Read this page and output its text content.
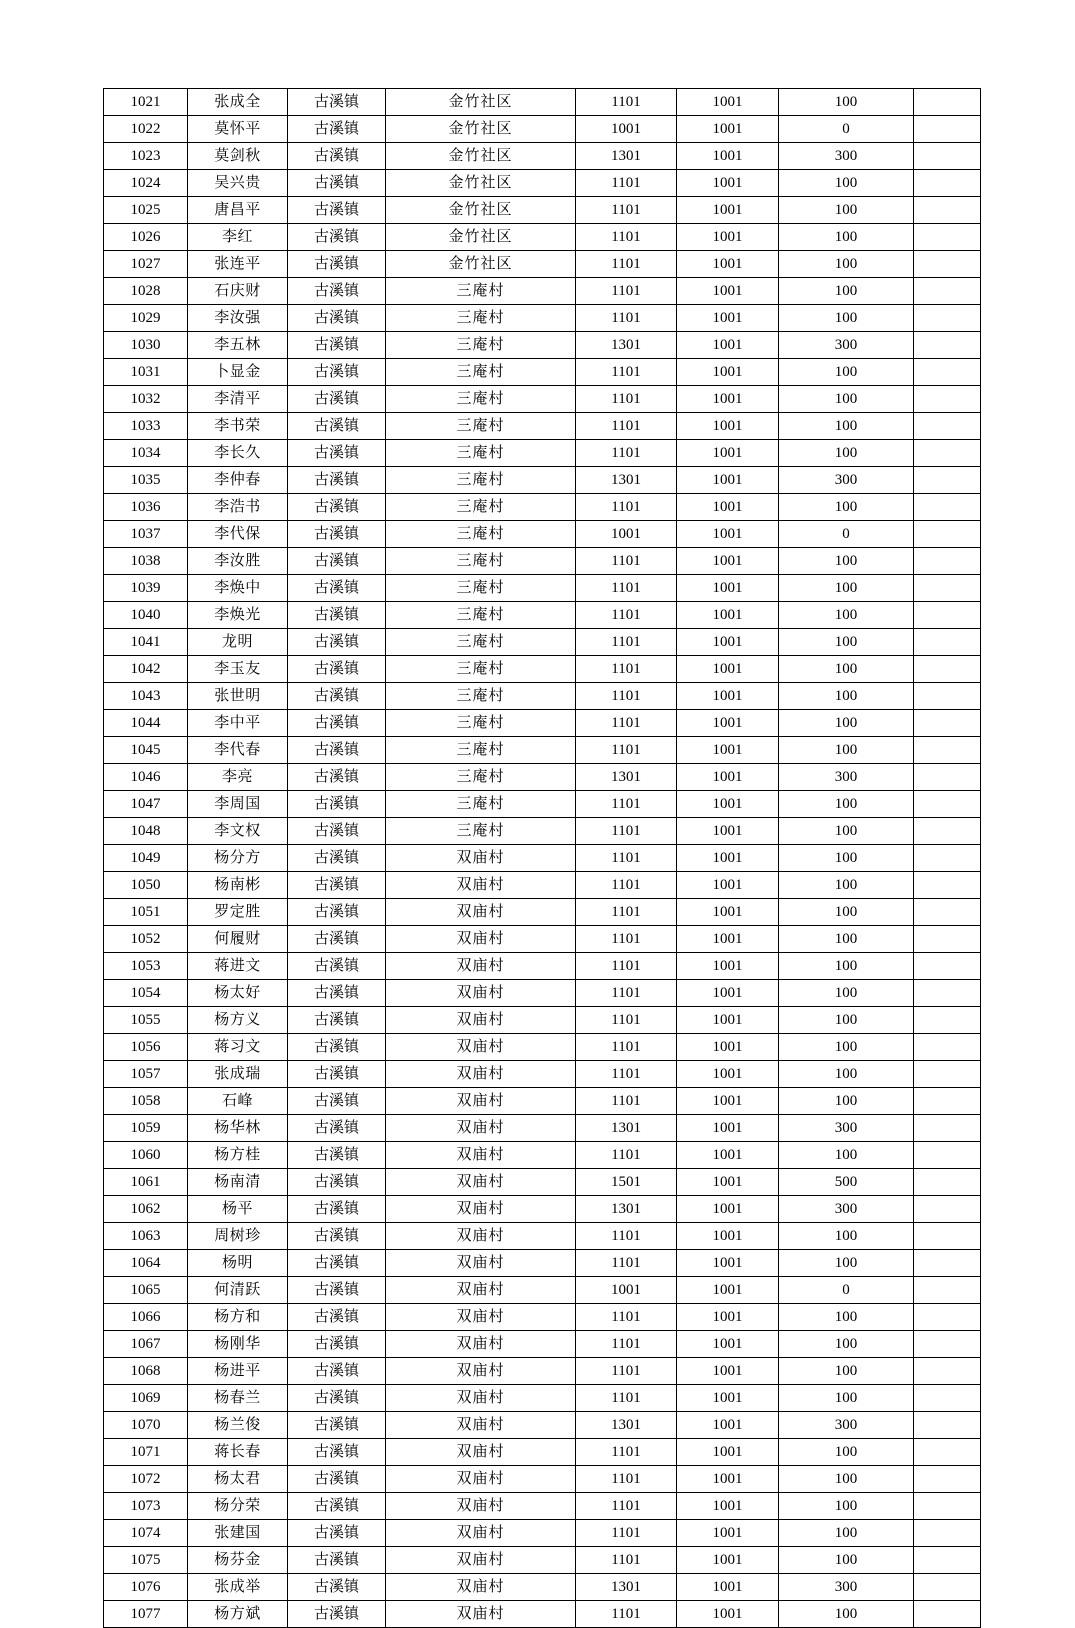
1021	张成全	古溪镇	金竹社区	1101	1001	100	
1022	莫怀平	古溪镇	金竹社区	1001	1001	0	
1023	莫剑秋	古溪镇	金竹社区	1301	1001	300	
1024	吴兴贵	古溪镇	金竹社区	1101	1001	100	
1025	唐昌平	古溪镇	金竹社区	1101	1001	100	
1026	李红	古溪镇	金竹社区	1101	1001	100	
1027	张连平	古溪镇	金竹社区	1101	1001	100	
1028	石庆财	古溪镇	三庵村	1101	1001	100	
1029	李汝强	古溪镇	三庵村	1101	1001	100	
1030	李五林	古溪镇	三庵村	1301	1001	300	
1031	卜显金	古溪镇	三庵村	1101	1001	100	
1032	李清平	古溪镇	三庵村	1101	1001	100	
1033	李书荣	古溪镇	三庵村	1101	1001	100	
1034	李长久	古溪镇	三庵村	1101	1001	100	
1035	李仲春	古溪镇	三庵村	1301	1001	300	
1036	李浩书	古溪镇	三庵村	1101	1001	100	
1037	李代保	古溪镇	三庵村	1001	1001	0	
1038	李汝胜	古溪镇	三庵村	1101	1001	100	
1039	李焕中	古溪镇	三庵村	1101	1001	100	
1040	李焕光	古溪镇	三庵村	1101	1001	100	
1041	龙明	古溪镇	三庵村	1101	1001	100	
1042	李玉友	古溪镇	三庵村	1101	1001	100	
1043	张世明	古溪镇	三庵村	1101	1001	100	
1044	李中平	古溪镇	三庵村	1101	1001	100	
1045	李代春	古溪镇	三庵村	1101	1001	100	
1046	李亮	古溪镇	三庵村	1301	1001	300	
1047	李周国	古溪镇	三庵村	1101	1001	100	
1048	李文权	古溪镇	三庵村	1101	1001	100	
1049	杨分方	古溪镇	双庙村	1101	1001	100	
1050	杨南彬	古溪镇	双庙村	1101	1001	100	
1051	罗定胜	古溪镇	双庙村	1101	1001	100	
1052	何履财	古溪镇	双庙村	1101	1001	100	
1053	蒋进文	古溪镇	双庙村	1101	1001	100	
1054	杨太好	古溪镇	双庙村	1101	1001	100	
1055	杨方义	古溪镇	双庙村	1101	1001	100	
1056	蒋习文	古溪镇	双庙村	1101	1001	100	
1057	张成瑞	古溪镇	双庙村	1101	1001	100	
1058	石峰	古溪镇	双庙村	1101	1001	100	
1059	杨华林	古溪镇	双庙村	1301	1001	300	
1060	杨方桂	古溪镇	双庙村	1101	1001	100	
1061	杨南清	古溪镇	双庙村	1501	1001	500	
1062	杨平	古溪镇	双庙村	1301	1001	300	
1063	周树珍	古溪镇	双庙村	1101	1001	100	
1064	杨明	古溪镇	双庙村	1101	1001	100	
1065	何清跃	古溪镇	双庙村	1001	1001	0	
1066	杨方和	古溪镇	双庙村	1101	1001	100	
1067	杨刚华	古溪镇	双庙村	1101	1001	100	
1068	杨进平	古溪镇	双庙村	1101	1001	100	
1069	杨春兰	古溪镇	双庙村	1101	1001	100	
1070	杨兰俊	古溪镇	双庙村	1301	1001	300	
1071	蒋长春	古溪镇	双庙村	1101	1001	100	
1072	杨太君	古溪镇	双庙村	1101	1001	100	
1073	杨分荣	古溪镇	双庙村	1101	1001	100	
1074	张建国	古溪镇	双庙村	1101	1001	100	
1075	杨芬金	古溪镇	双庙村	1101	1001	100	
1076	张成举	古溪镇	双庙村	1301	1001	300	
1077	杨方斌	古溪镇	双庙村	1101	1001	100	
